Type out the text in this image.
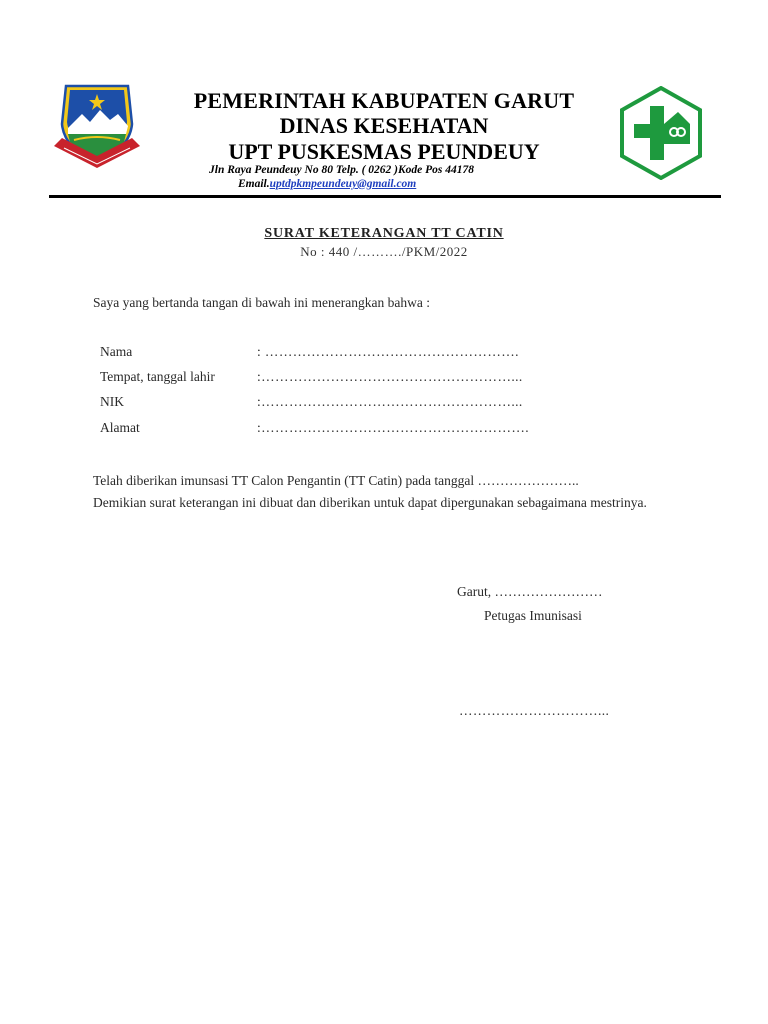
PEMERINTAH KABUPATEN GARUT
DINAS KESEHATAN
UPT PUSKESMAS PEUNDEUY
Jln Raya Peundeuy No 80 Telp. ( 0262 )Kode Pos 44178
Email.uptdpkmpeundeuy@gmail.com
SURAT KETERANGAN TT CATIN
No : 440 /………./PKM/2022
Saya yang bertanda tangan di bawah ini menerangkan bahwa :
Nama	: ……………………………………………….
Tempat, tanggal lahir	:………………………………………………...
NIK	:………………………………………………...
Alamat	:………………………………………………….
Telah diberikan imunsasi TT Calon Pengantin (TT Catin) pada tanggal …………………..
Demikian surat keterangan ini dibuat dan diberikan untuk dapat dipergunakan sebagaimana mestrinya.
Garut, ……………………
Petugas Imunisasi
…………………………...
